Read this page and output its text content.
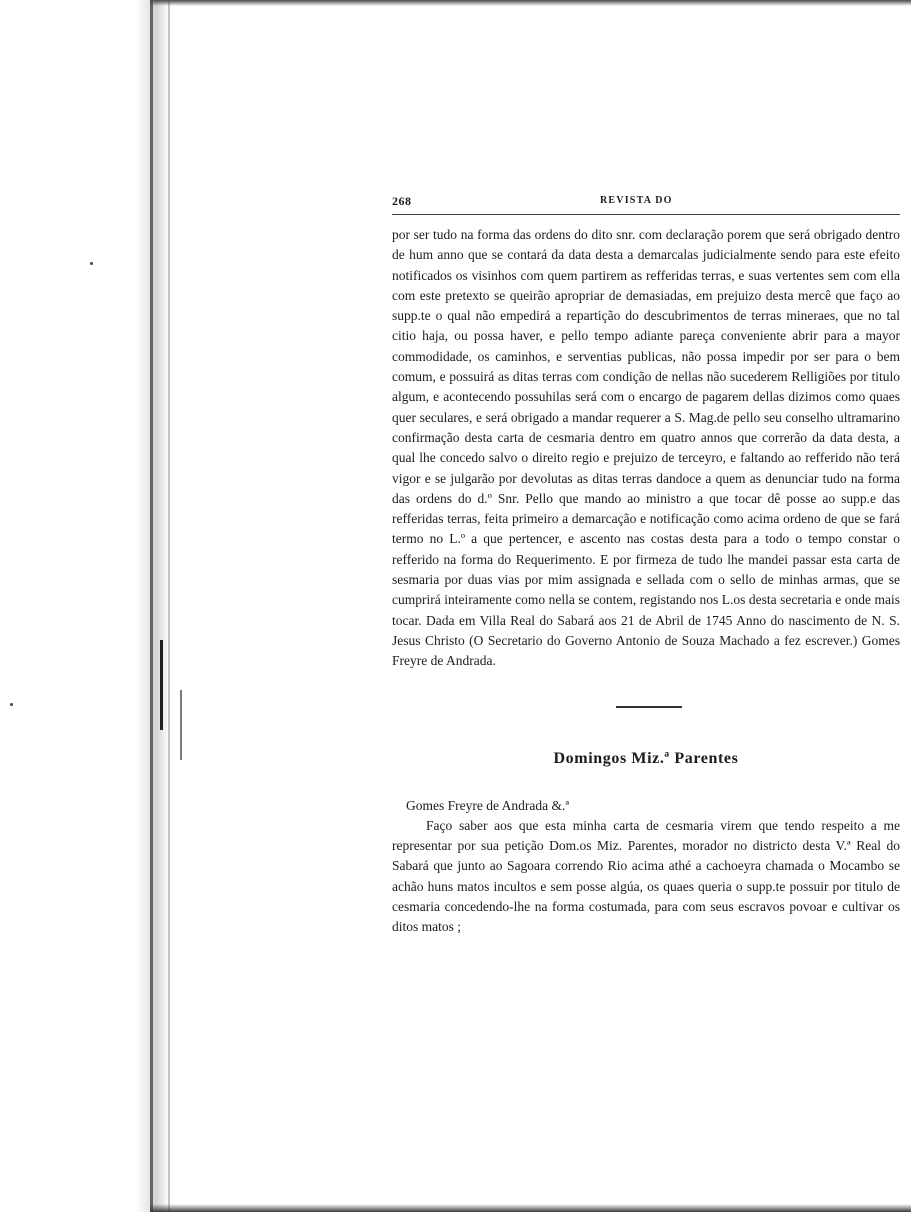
268	REVISTA DO

por ser tudo na forma das ordens do dito snr. com declaração porem que será obrigado dentro de hum anno que se contará da data desta a demarcalas judicialmente sendo para este efeito notificados os visinhos com quem partirem as refferidas terras, e suas vertentes sem com ella com este pretexto se queirão apropriar de demasiadas, em prejuizo desta mercê que faço ao supp.te o qual não empedirá a repartição do descubrimentos de terras mineraes, que no tal citio haja, ou possa haver, e pello tempo adiante pareça conveniente abrir para a mayor commodidade, os caminhos, e serventias publicas, não possa impedir por ser para o bem comum, e possuirá as ditas terras com condição de nellas não sucederem Relligiões por titulo algum, e acontecendo possuhilas será com o encargo de pagarem dellas dizimos como quaes quer seculares, e será obrigado a mandar requerer a S. Mag.de pello seu conselho ultramarino confirmação desta carta de cesmaria dentro em quatro annos que correrão da data desta, a qual lhe concedo salvo o direito regio e prejuizo de terceyro, e faltando ao refferido não terá vigor e se julgarão por devolutas as ditas terras dandoce a quem as denunciar tudo na forma das ordens do d.º Snr. Pello que mando ao ministro a que tocar dê posse ao supp.e das refferidas terras, feita primeiro a demarcação e notificação como acima ordeno de que se fará termo no L.º a que pertencer, e ascento nas costas desta para a todo o tempo constar o refferido na forma do Requerimento. E por firmeza de tudo lhe mandei passar esta carta de sesmaria por duas vias por mim assignada e sellada com o sello de minhas armas, que se cumprirá inteiramente como nella se contem, registando nos L.os desta secretaria e onde mais tocar. Dada em Villa Real do Sabará aos 21 de Abril de 1745 Anno do nascimento de N. S. Jesus Christo (O Secretario do Governo Antonio de Souza Machado a fez escrever.) Gomes Freyre de Andrada.

Domingos Miz.ª Parentes
Gomes Freyre de Andrada &.ª

Faço saber aos que esta minha carta de cesmaria virem que tendo respeito a me representar por sua petição Dom.os Miz. Parentes, morador no districto desta V.ª Real do Sabará que junto ao Sagoara correndo Rio acima athé a cachoeyra chamada o Mocambo se achão huns matos incultos e sem posse algúa, os quaes queria o supp.te possuir por titulo de cesmaria concedendo-lhe na forma costumada, para com seus escravos povoar e cultivar os ditos matos ;
